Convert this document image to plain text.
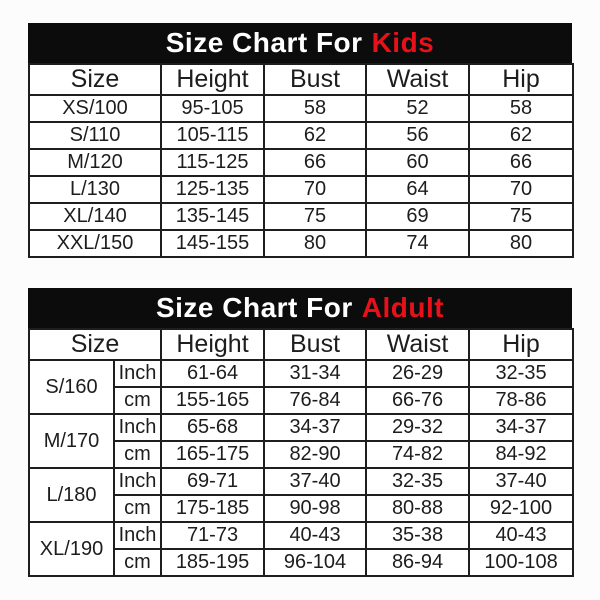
Size Chart For Kids
Size	Height	Bust	Waist	Hip
XS/100	95-105	58	52	58
S/110	105-115	62	56	62
M/120	115-125	66	60	66
L/130	125-135	70	64	70
XL/140	135-145	75	69	75
XXL/150	145-155	80	74	80
Size Chart For Aldult
Size		Height	Bust	Waist	Hip
S/160	Inch	61-64	31-34	26-29	32-35
	cm	155-165	76-84	66-76	78-86
M/170	Inch	65-68	34-37	29-32	34-37
	cm	165-175	82-90	74-82	84-92
L/180	Inch	69-71	37-40	32-35	37-40
	cm	175-185	90-98	80-88	92-100
XL/190	Inch	71-73	40-43	35-38	40-43
	cm	185-195	96-104	86-94	100-108
